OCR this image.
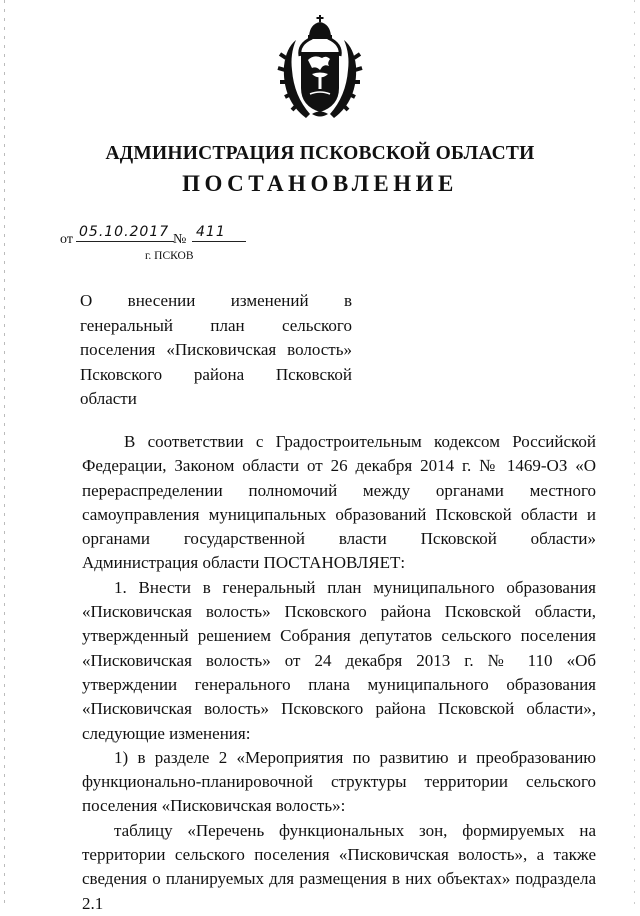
АДМИНИСТРАЦИЯ ПСКОВСКОЙ ОБЛАСТИ
ПОСТАНОВЛЕНИЕ
от 05.10.2017 № 411
г. ПСКОВ
О внесении изменений в генеральный план сельского поселения «Писковичская волость» Псковского района Псковской области

В соответствии с Градостроительным кодексом Российской Федерации, Законом области от 26 декабря 2014 г. № 1469-ОЗ «О перераспределении полномочий между органами местного самоуправления муниципальных образований Псковской области и органами государственной власти Псковской области» Администрация области ПОСТАНОВЛЯЕТ:

1. Внести в генеральный план муниципального образования «Писковичская волость» Псковского района Псковской области, утвержденный решением Собрания депутатов сельского поселения «Писковичская волость» от 24 декабря 2013 г. № 110 «Об утверждении генерального плана муниципального образования «Писковичская волость» Псковского района Псковской области», следующие изменения:

1) в разделе 2 «Мероприятия по развитию и преобразованию функционально-планировочной структуры территории сельского поселения «Писковичская волость»:

таблицу «Перечень функциональных зон, формируемых на территории сельского поселения «Писковичская волость», а также сведения о планируемых для размещения в них объектах» подраздела 2.1
